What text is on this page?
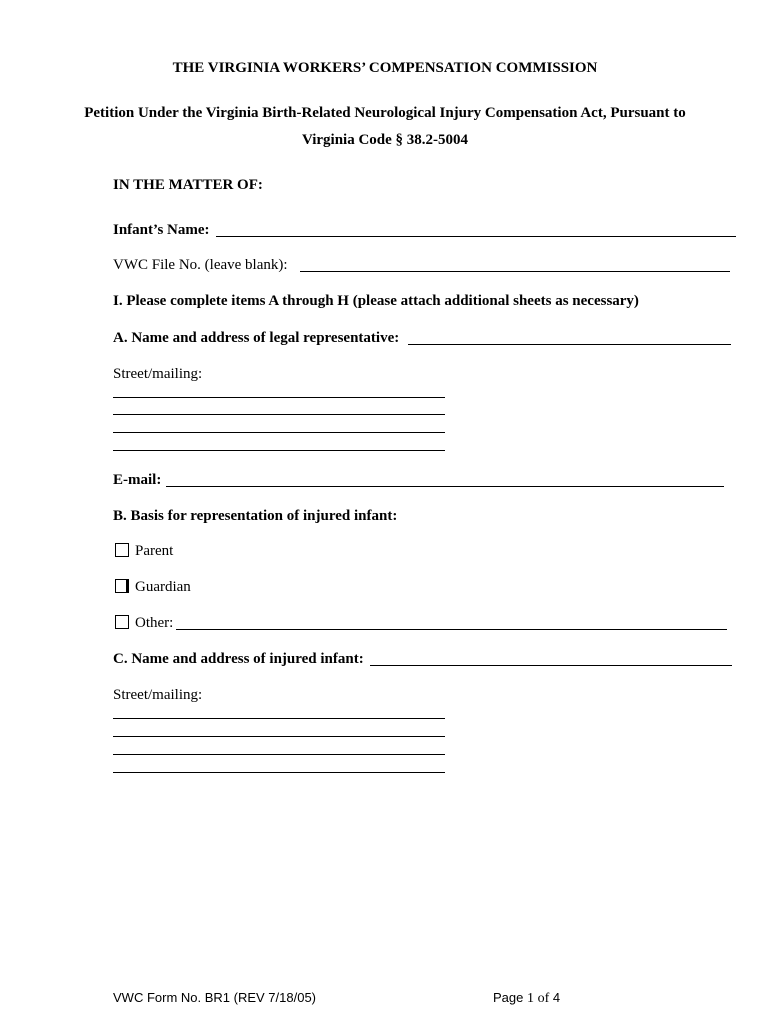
THE VIRGINIA WORKERS’ COMPENSATION COMMISSION
Petition Under the Virginia Birth-Related Neurological Injury Compensation Act, Pursuant to
Virginia Code § 38.2-5004
IN THE MATTER OF:
Infant’s Name:
VWC File No. (leave blank):
I. Please complete items A through H (please attach additional sheets as necessary)
A. Name and address of legal representative:
Street/mailing:
E-mail:
B. Basis for representation of injured infant:
Parent
Guardian
Other:
C. Name and address of injured infant:
Street/mailing:
VWC Form No. BR1 (REV 7/18/05)	Page 1 of 4
